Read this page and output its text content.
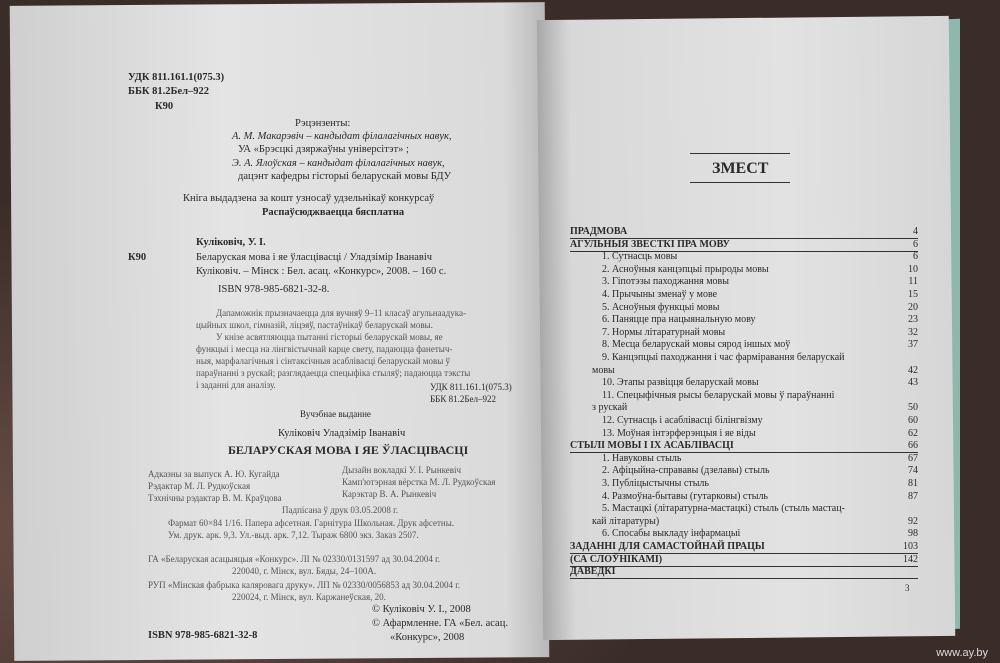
УДК 811.161.1(075.3)
ББК 81.2Бел–922
К90
Рэцэнзенты:
А. М. Макарэвіч – кандыдат філалагічных навук,
УА «Брэсцкі дзяржаўны універсітэт» ;
Э. А. Ялоўская – кандыдат філалагічных навук,
дацэнт кафедры гісторыі беларускай мовы БДУ
Кніга выдадзена за кошт узносаў удзельнікаў конкурсаў
Распаўсюджваецца бясплатна
Кулiковіч, У. І.
К90	Беларуская мова і яе ўласцівасці / Уладзімір Іванавіч
Куліковіч. – Мінск : Бел. асац. «Конкурс», 2008. – 160 с.
ISBN 978-985-6821-32-8.
Дапаможнік прызначаецца для вучняў 9–11 класаў агульнаадука-
цыйных школ, гімназій, ліцэяў, пастаўнікаў беларускай мовы.
У кнізе асвятляюцца пытанні гісторыі беларускай мовы, яе
функцыі і месца на лінгвістычнай карце свету, падаюцца фанетыч-
ныя, марфалагічныя і сінтаксічныя асаблівасці беларускай мовы ў
параўнанні з рускай; разглядаецца спецыфіка стыляў; падаюцца тэксты
і заданні для аналізу.	УДК 811.161.1(075.3)
ББК 81.2Бел–922
Вучэбнае выданне
Куліковіч Уладзімір Іванавіч
БЕЛАРУСКАЯ МОВА І ЯЕ ЎЛАСЦІВАСЦІ
Адказны за выпуск А. Ю. Кугайда
Рэдактар М. Л. Рудкоўская
Тэхнічны рэдактар В. М. Краўцова
Дызайн вокладкі У. І. Рынкевіч
Камп'ютэрная вёрстка М. Л. Рудкоўская
Карэктар В. А. Рынкевіч
Падпісана ў друк 03.05.2008 г.
Фармат 60×84 1/16. Папера афсетная. Гарнітура Школьная. Друк афсетны.
Ум. друк. арк. 9,3. Ул.-выд. арк. 7,12. Тыраж 6800 экз. Заказ 2507.
ГА «Беларуская асацыяцыя «Конкурс». ЛІ № 02330/0131597 ад 30.04.2004 г.
220040, г. Мінск, вул. Бяды, 24–100А.
РУП «Мінская фабрыка каляровага друку». ЛП № 02330/0056853 ад 30.04.2004 г.
220024, г. Мінск, вул. Каржанеўская, 20.
© Куліковіч У. І., 2008
© Афармленне. ГА «Бел. асац.
«Конкурс», 2008
ISBN 978-985-6821-32-8
ЗМЕСТ
ПРАДМОВА	4
АГУЛЬНЫЯ ЗВЕСТКІ ПРА МОВУ	6
1. Сутнасць мовы	6
2. Асноўныя канцэпцыі прыроды мовы	10
3. Гіпотэзы паходжання мовы	11
4. Прычыны зменаў у мове	15
5. Асноўныя функцыі мовы	20
6. Паняцце пра нацыянальную мову	23
7. Нормы літаратурнай мовы	32
8. Месца беларускай мовы сярод іншых моў	37
9. Канцэпцыі паходжання і час фарміравання беларускай
мовы	42
10. Этапы развіцця беларускай мовы	43
11. Спецыфічныя рысы беларускай мовы ў параўнанні
з рускай	50
12. Сутнасць і асаблівасці білінгвізму	60
13. Моўная інтэрферэнцыя і яе віды	62
СТЫЛІ МОВЫ І ІХ АСАБЛІВАСЦІ	66
1. Навуковы стыль	67
2. Афіцыйна-справавы (дзелавы) стыль	74
3. Публіцыстычны стыль	81
4. Размоўна-бытавы (гутарковы) стыль	87
5. Мастацкі (літаратурна-мастацкі) стыль (стыль мастац-
кай літаратуры)	92
6. Спосабы выкладу інфармацыі	98
ЗАДАННІ ДЛЯ САМАСТОЙНАЙ ПРАЦЫ	103
(СА СЛОЎНІКАМІ)	142
ДАВЕДКІ
3
www.ay.by
